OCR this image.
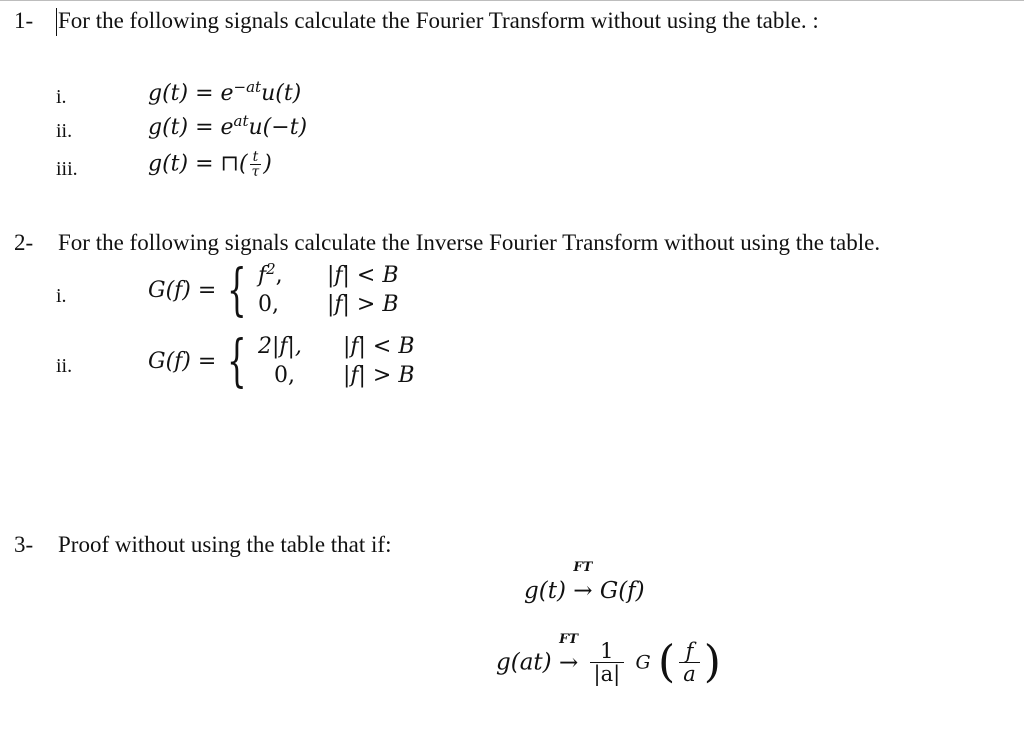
1- For the following signals calculate the Fourier Transform without using the table. :
i.	$g(t) = e^{-at}u(t)$
ii.	$g(t) = e^{at}u(-t)$
iii.	g(t) = ⊓( $\frac{t}{\tau}$ )
2- For the following signals calculate the Inverse Fourier Transform without using the table.
i.	G(f) = { $f^2$, |f| < B
0, |f| > B
ii.	G(f) = { 2|f|, |f| < B
0, |f| > B
3- Proof without using the table that if:
g(t)
FT
→ G(f)
g(at)
FT
→ $\frac{1}{|a|}$ G ( $\frac{f}{a}$ )
